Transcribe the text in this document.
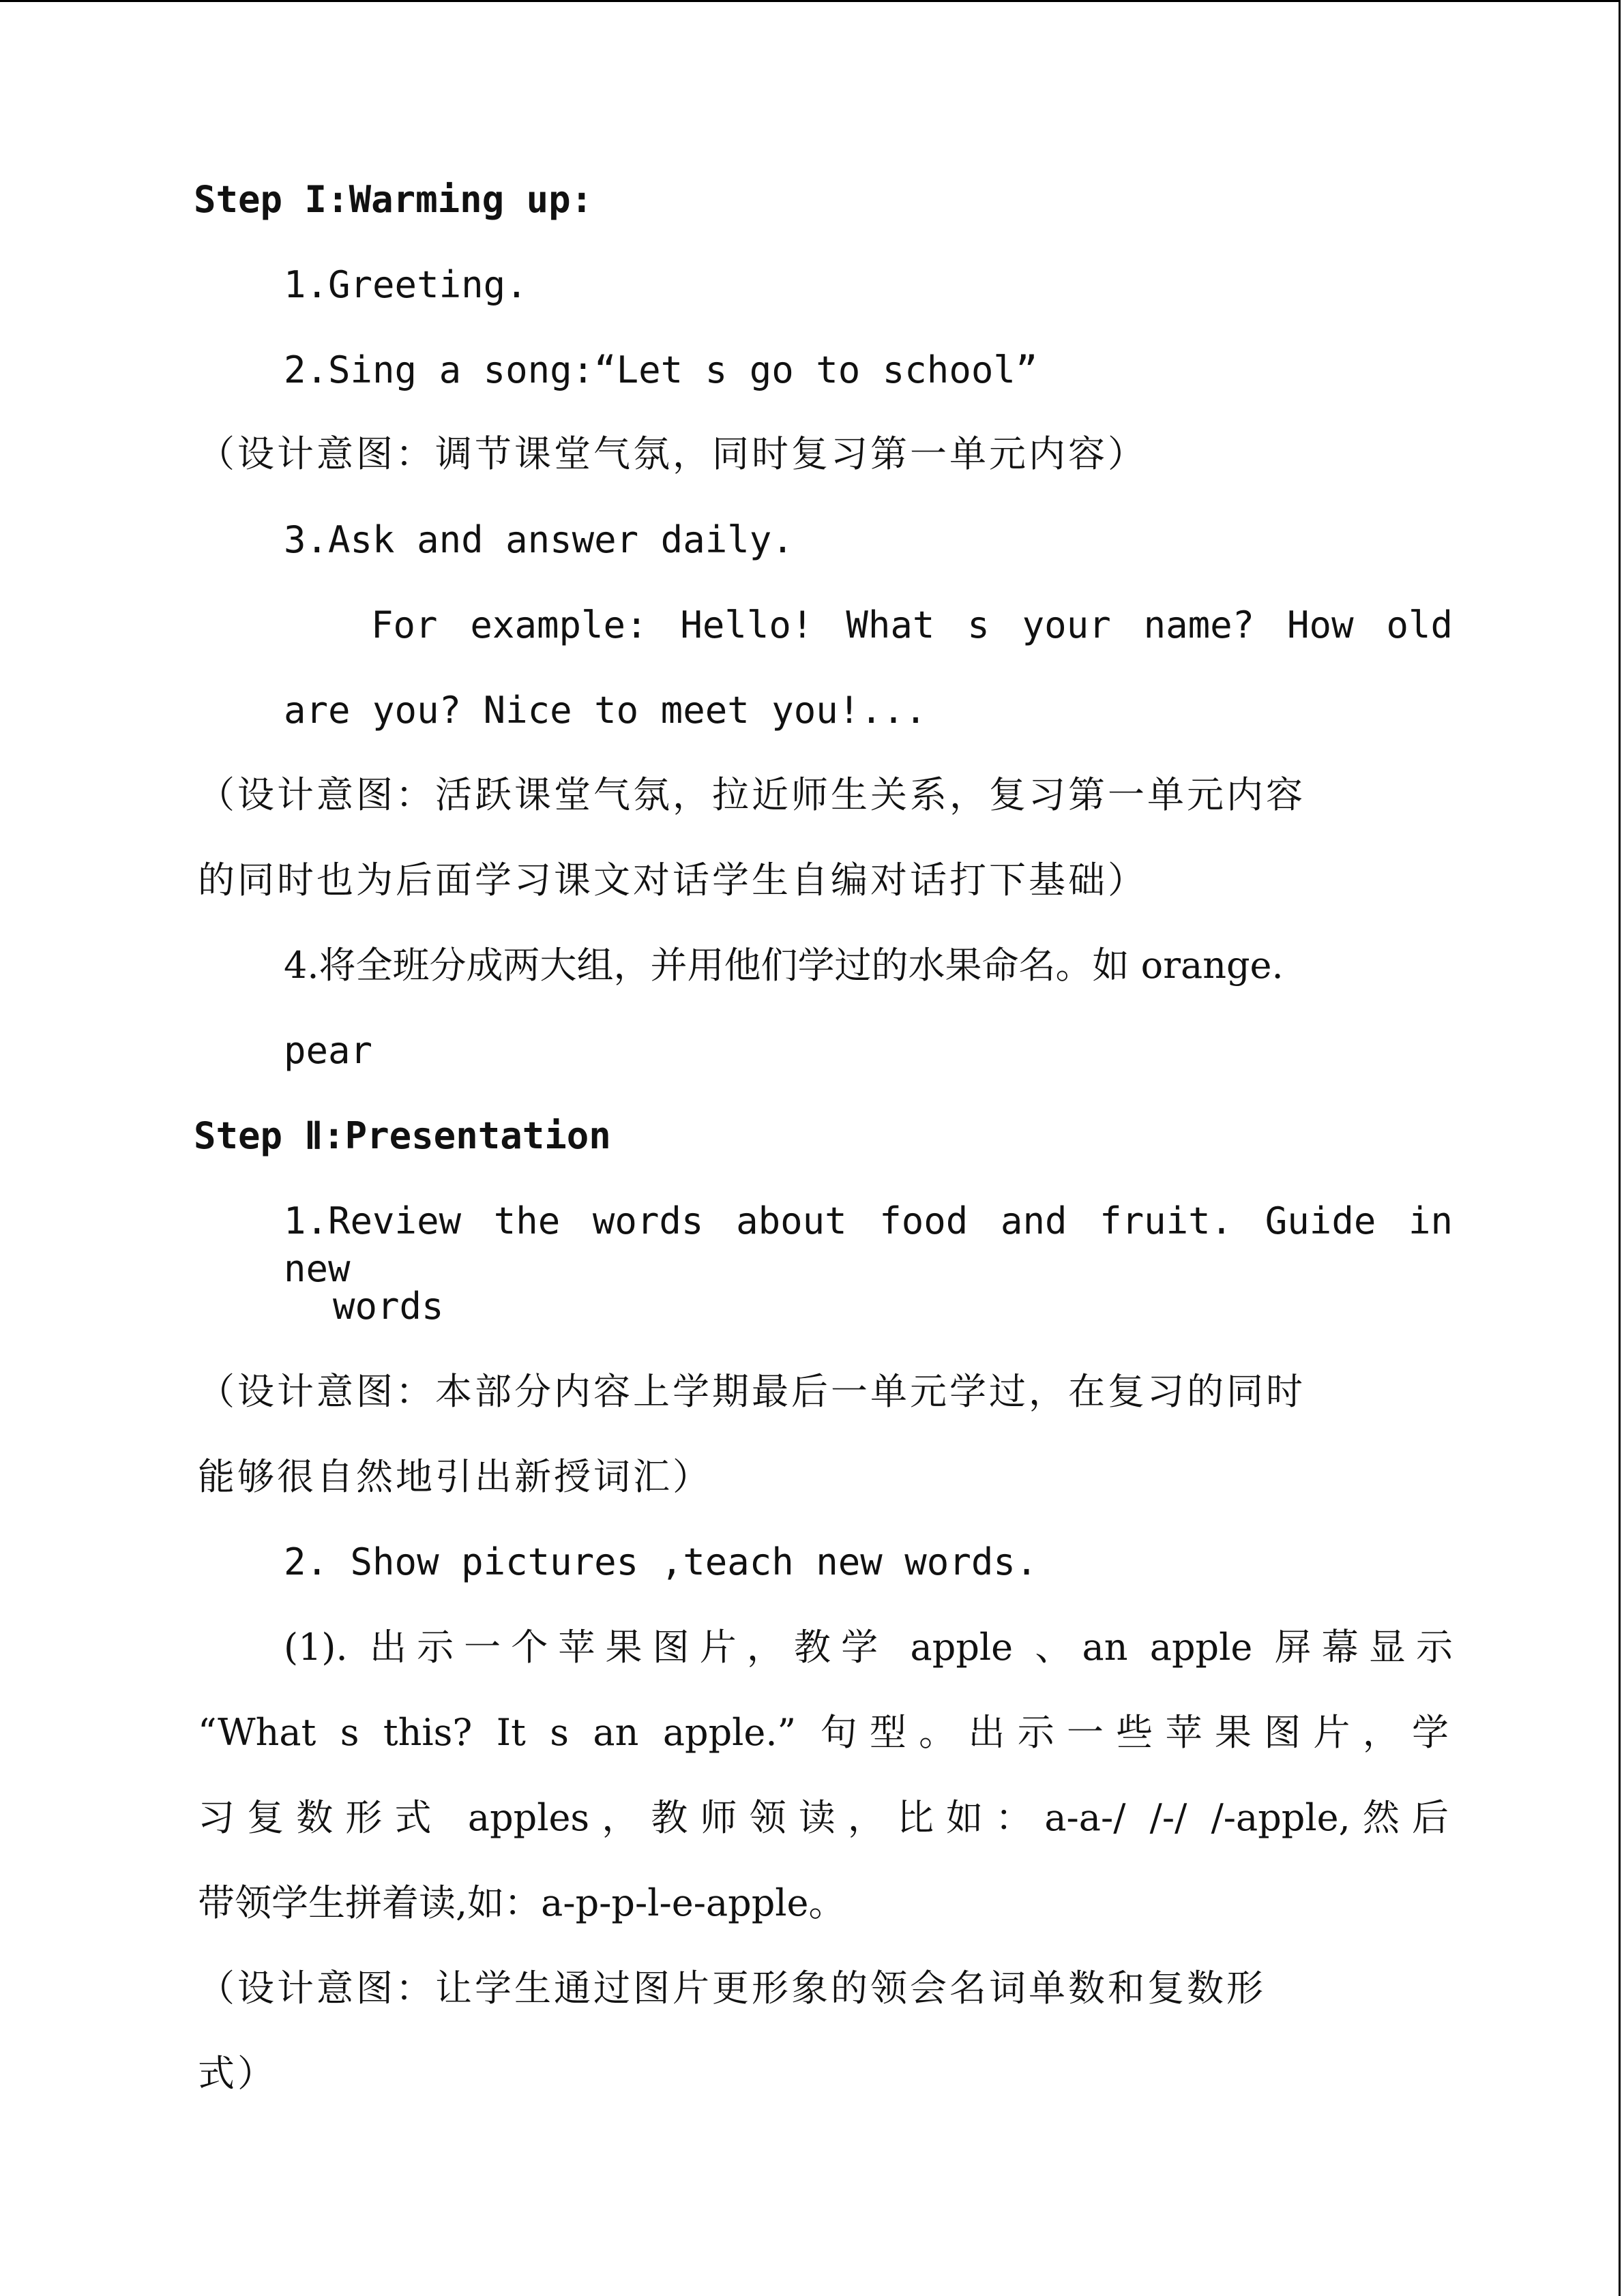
Step I:Warming up:
1.Greeting.
2.Sing a song:“Let s go to school”
（设计意图：调节课堂气氛，同时复习第一单元内容）
3.Ask and answer daily.
For example: Hello! What s your name? How old
are you? Nice to meet you!...
（设计意图：活跃课堂气氛，拉近师生关系，复习第一单元内容
的同时也为后面学习课文对话学生自编对话打下基础）
4.将全班分成两大组，并用他们学过的水果命名。如 orange.
pear
Step Ⅱ:Presentation
1.Review the words about food and fruit. Guide in new
words
（设计意图：本部分内容上学期最后一单元学过，在复习的同时
能够很自然地引出新授词汇）
2. Show pictures ,teach new words.
(1). 出示一个苹果图片，教学 apple 、an apple 屏幕显示
“What s this? It s an apple.” 句型。出示一些苹果图片，学
习复数形式 apples，教师领读，比如：a-a-/ /-/ /-apple,然后
带领学生拼着读,如：a-p-p-l-e-apple。
（设计意图：让学生通过图片更形象的领会名词单数和复数形
式）
